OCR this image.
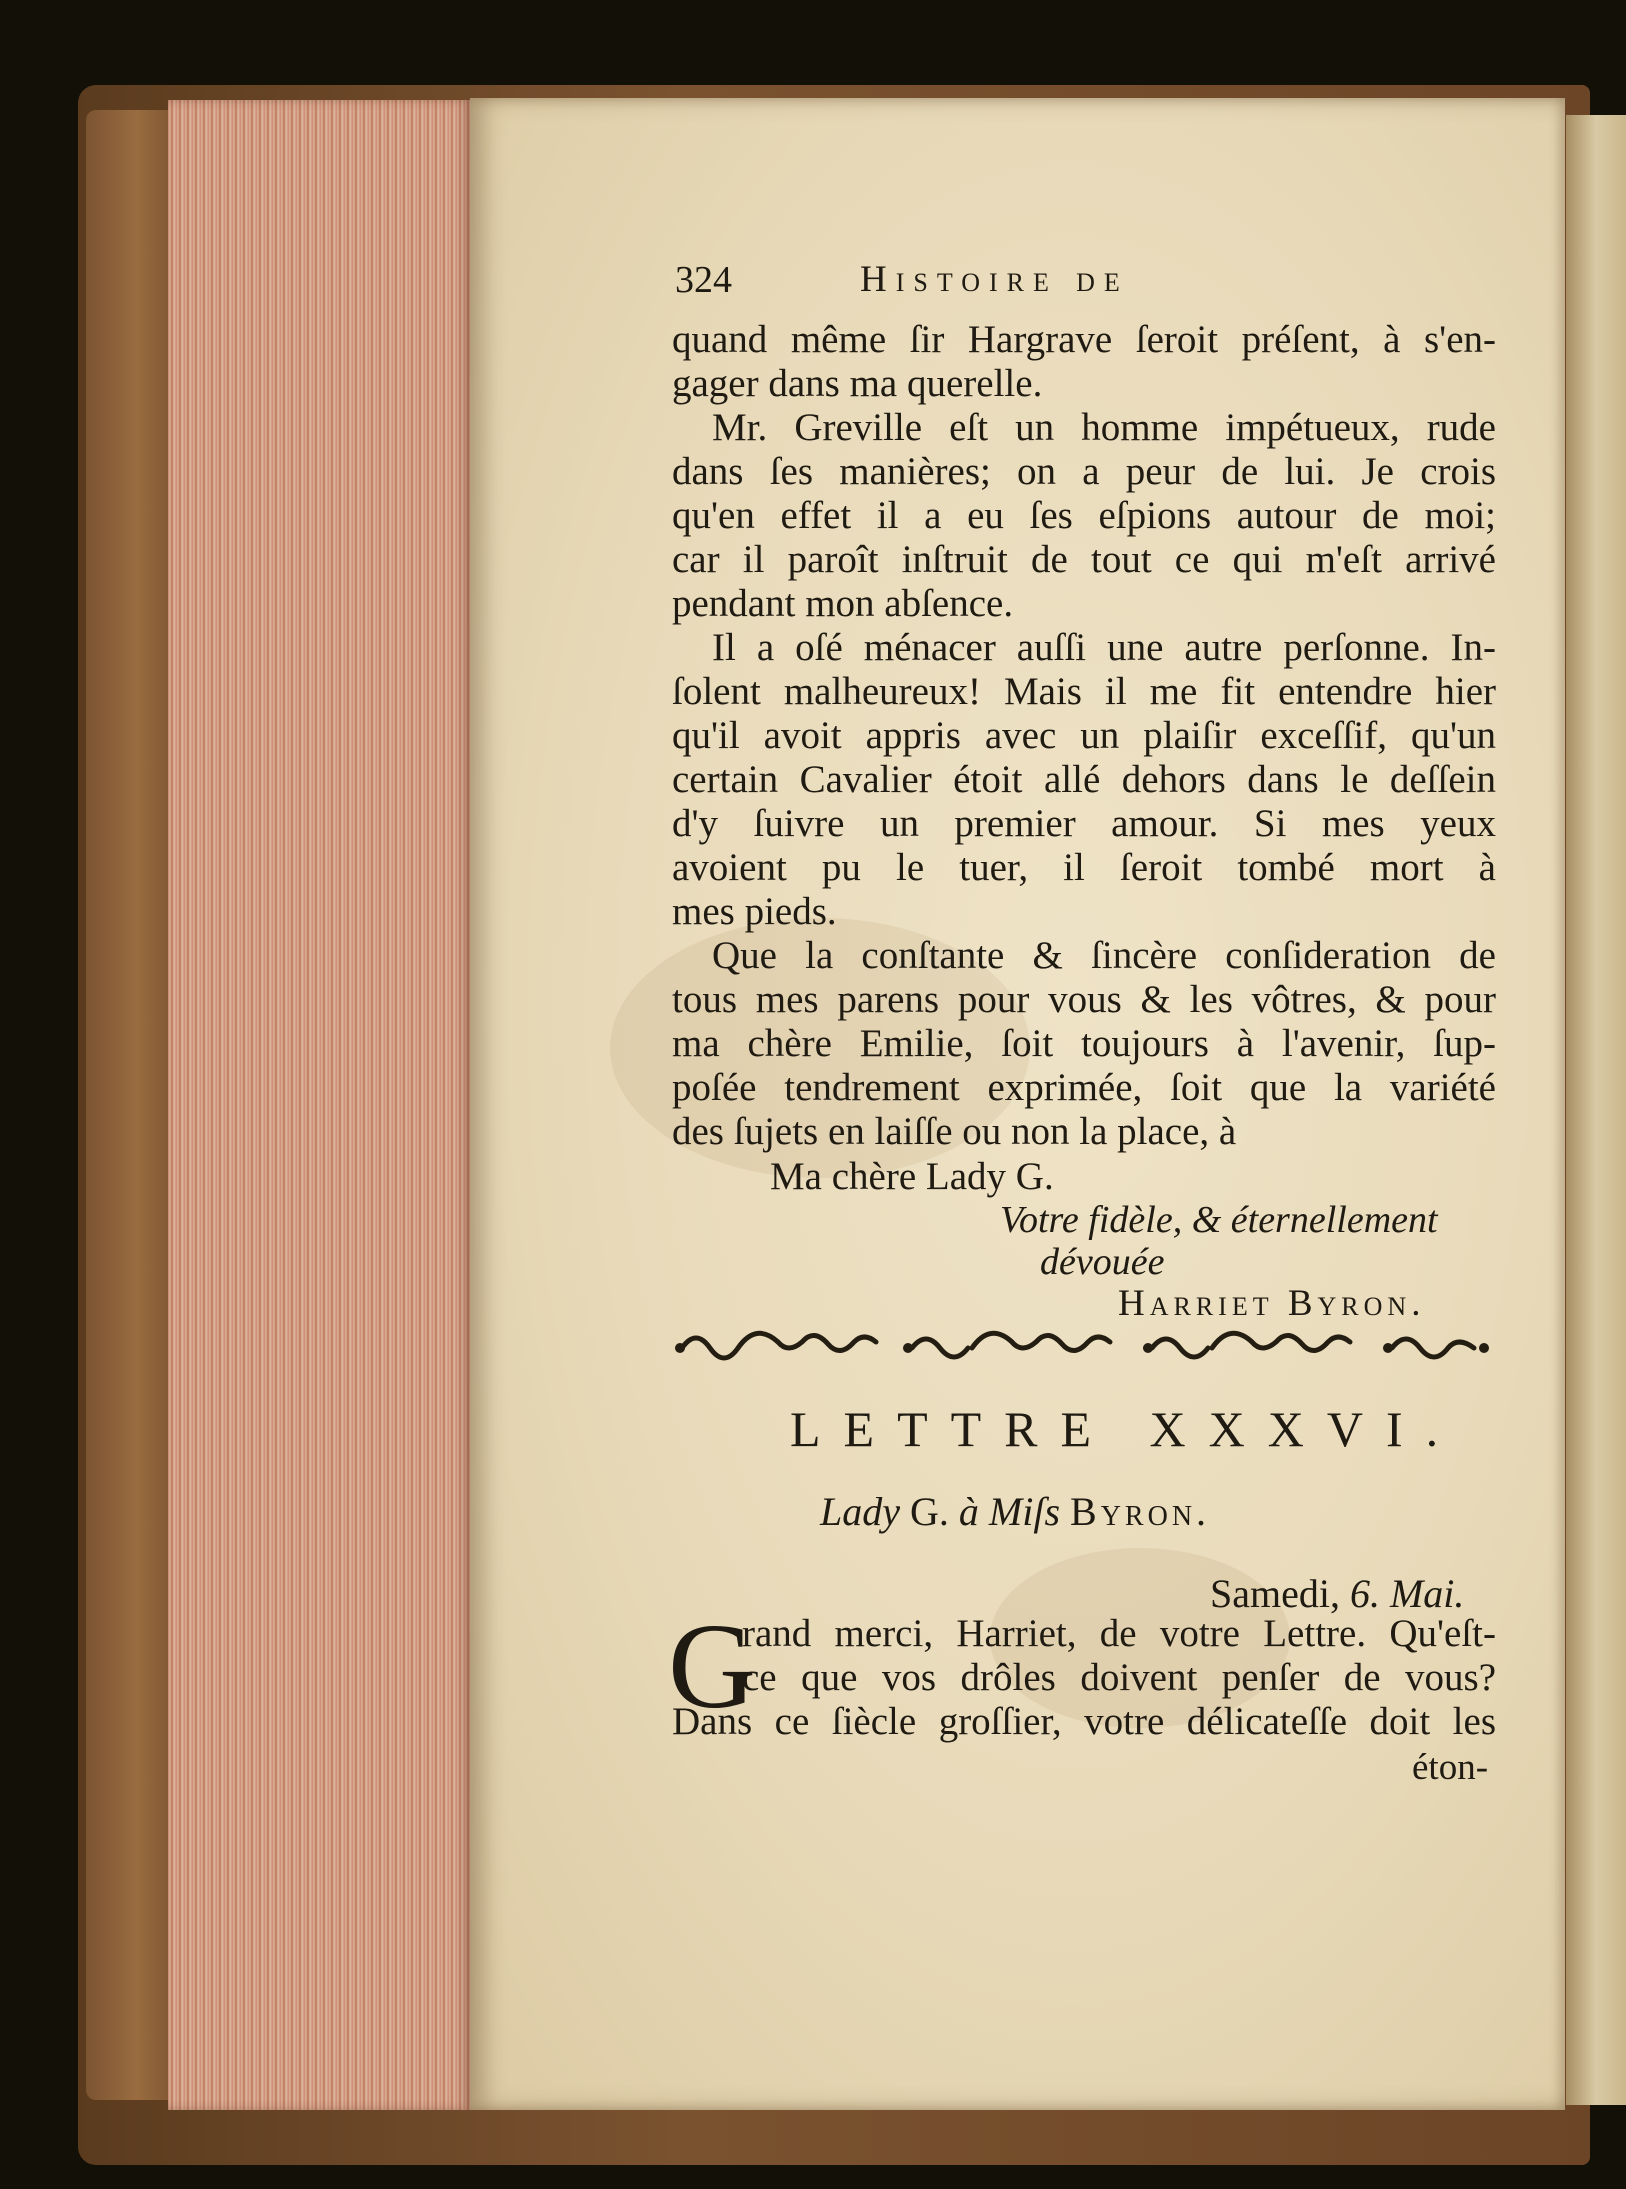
324	Histoire de

quand même ſir Hargrave ſeroit préſent, à s'en-

gager dans ma querelle.

Mr. Greville eſt un homme impétueux, rude

dans ſes manières; on a peur de lui. Je crois

qu'en effet il a eu ſes eſpions autour de moi;

car il paroît inſtruit de tout ce qui m'eſt arrivé

pendant mon abſence.

Il a oſé ménacer auſſi une autre perſonne. In-

ſolent malheureux! Mais il me fit entendre hier

qu'il avoit appris avec un plaiſir exceſſif, qu'un

certain Cavalier étoit allé dehors dans le deſſein

d'y ſuivre un premier amour. Si mes yeux

avoient pu le tuer, il ſeroit tombé mort à

mes pieds.

Que la conſtante & ſincère conſideration de

tous mes parens pour vous & les vôtres, & pour

ma chère Emilie, ſoit toujours à l'avenir, ſup-

poſée tendrement exprimée, ſoit que la variété

des ſujets en laiſſe ou non la place, à

Ma chère Lady G.
Votre fidèle, & éternellement
dévouée
Harriet Byron.
LETTRE XXXVI.
Lady G. à Miſs Byron.
Samedi, 6. Mai.
G

rand merci, Harriet, de votre Lettre. Qu'eſt-

ce que vos drôles doivent penſer de vous?

Dans ce ſiècle groſſier, votre délicateſſe doit les

éton-
